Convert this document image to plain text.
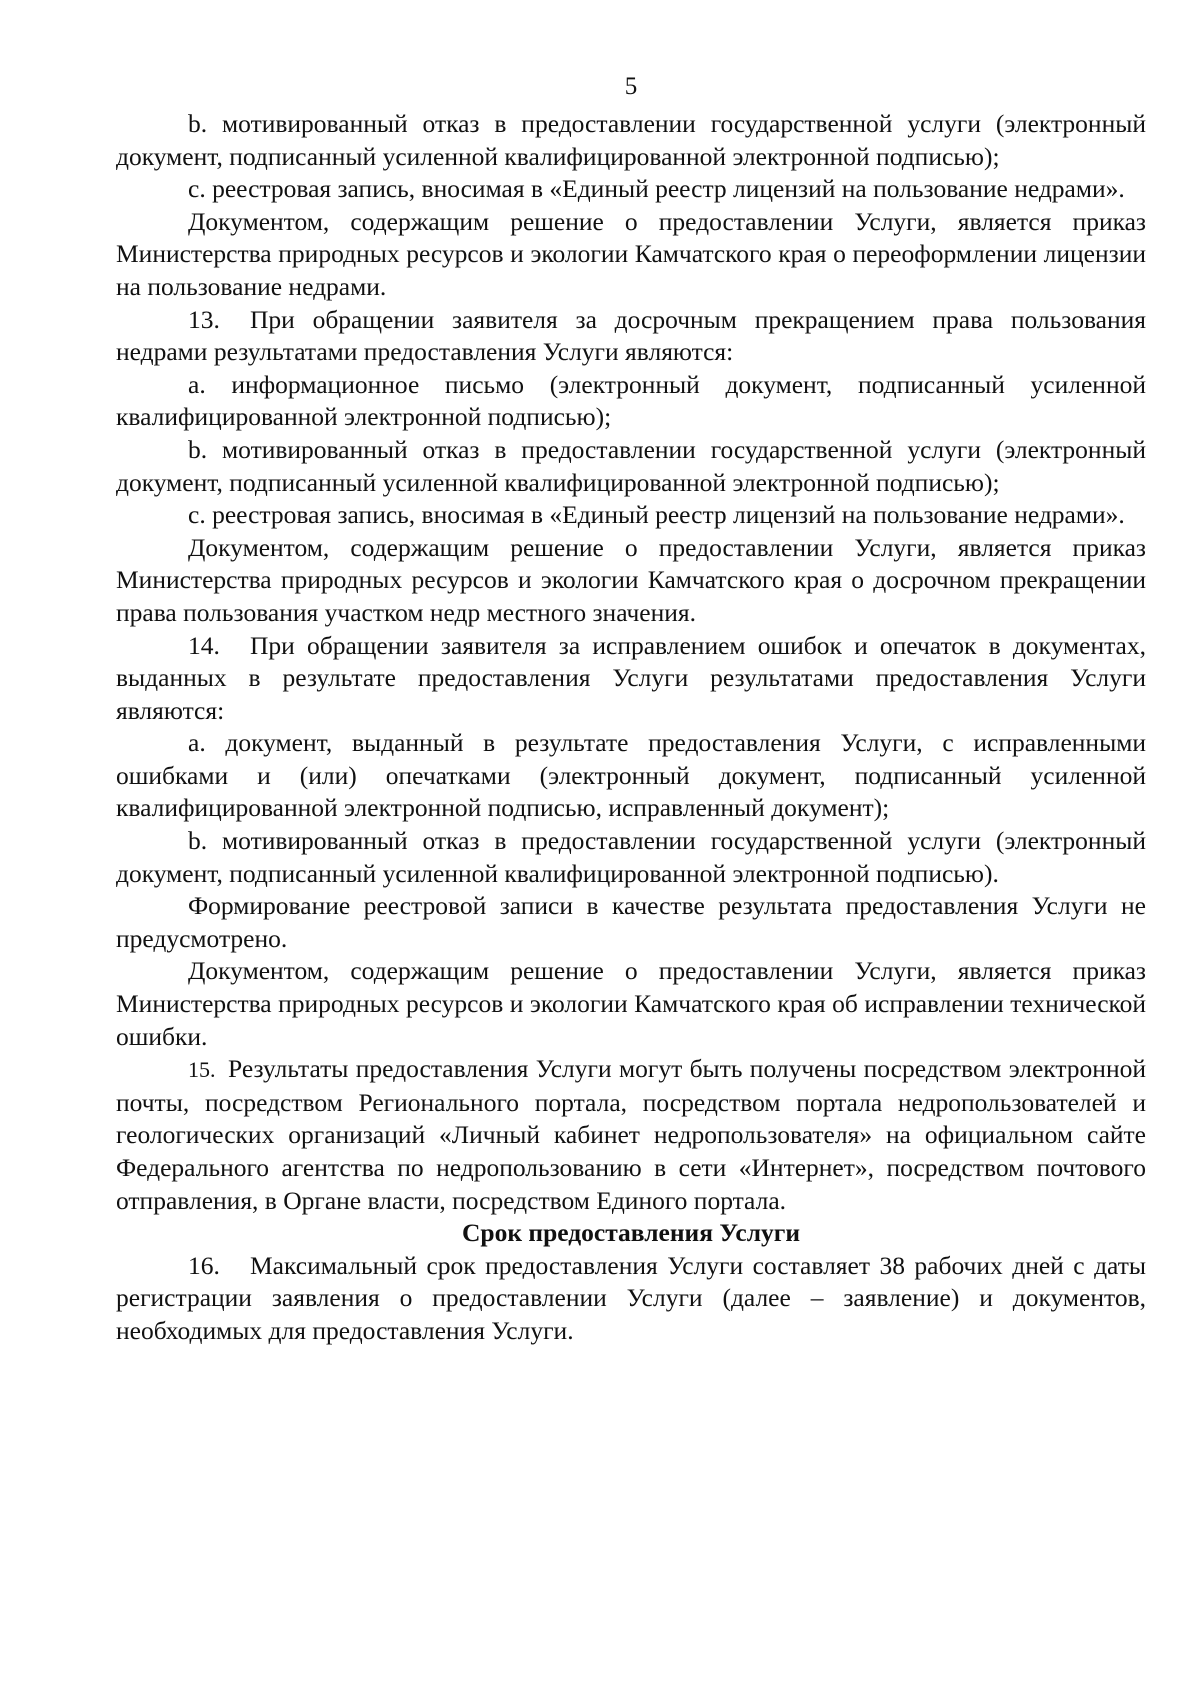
5

b. мотивированный отказ в предоставлении государственной услуги (электронный документ, подписанный усиленной квалифицированной электронной подписью);

c. реестровая запись, вносимая в «Единый реестр лицензий на пользование недрами».

Документом, содержащим решение о предоставлении Услуги, является приказ Министерства природных ресурсов и экологии Камчатского края о переоформлении лицензии на пользование недрами.

13. При обращении заявителя за досрочным прекращением права пользования недрами результатами предоставления Услуги являются:

a. информационное письмо (электронный документ, подписанный усиленной квалифицированной электронной подписью);

b. мотивированный отказ в предоставлении государственной услуги (электронный документ, подписанный усиленной квалифицированной электронной подписью);

c. реестровая запись, вносимая в «Единый реестр лицензий на пользование недрами».

Документом, содержащим решение о предоставлении Услуги, является приказ Министерства природных ресурсов и экологии Камчатского края о досрочном прекращении права пользования участком недр местного значения.

14. При обращении заявителя за исправлением ошибок и опечаток в документах, выданных в результате предоставления Услуги результатами предоставления Услуги являются:

a. документ, выданный в результате предоставления Услуги, с исправленными ошибками и (или) опечатками (электронный документ, подписанный усиленной квалифицированной электронной подписью, исправленный документ);

b. мотивированный отказ в предоставлении государственной услуги (электронный документ, подписанный усиленной квалифицированной электронной подписью).

Формирование реестровой записи в качестве результата предоставления Услуги не предусмотрено.

Документом, содержащим решение о предоставлении Услуги, является приказ Министерства природных ресурсов и экологии Камчатского края об исправлении технической ошибки.

15. Результаты предоставления Услуги могут быть получены посредством электронной почты, посредством Регионального портала, посредством портала недропользователей и геологических организаций «Личный кабинет недропользователя» на официальном сайте Федерального агентства по недропользованию в сети «Интернет», посредством почтового отправления, в Органе власти, посредством Единого портала.

Срок предоставления Услуги

16. Максимальный срок предоставления Услуги составляет 38 рабочих дней с даты регистрации заявления о предоставлении Услуги (далее – заявление) и документов, необходимых для предоставления Услуги.
